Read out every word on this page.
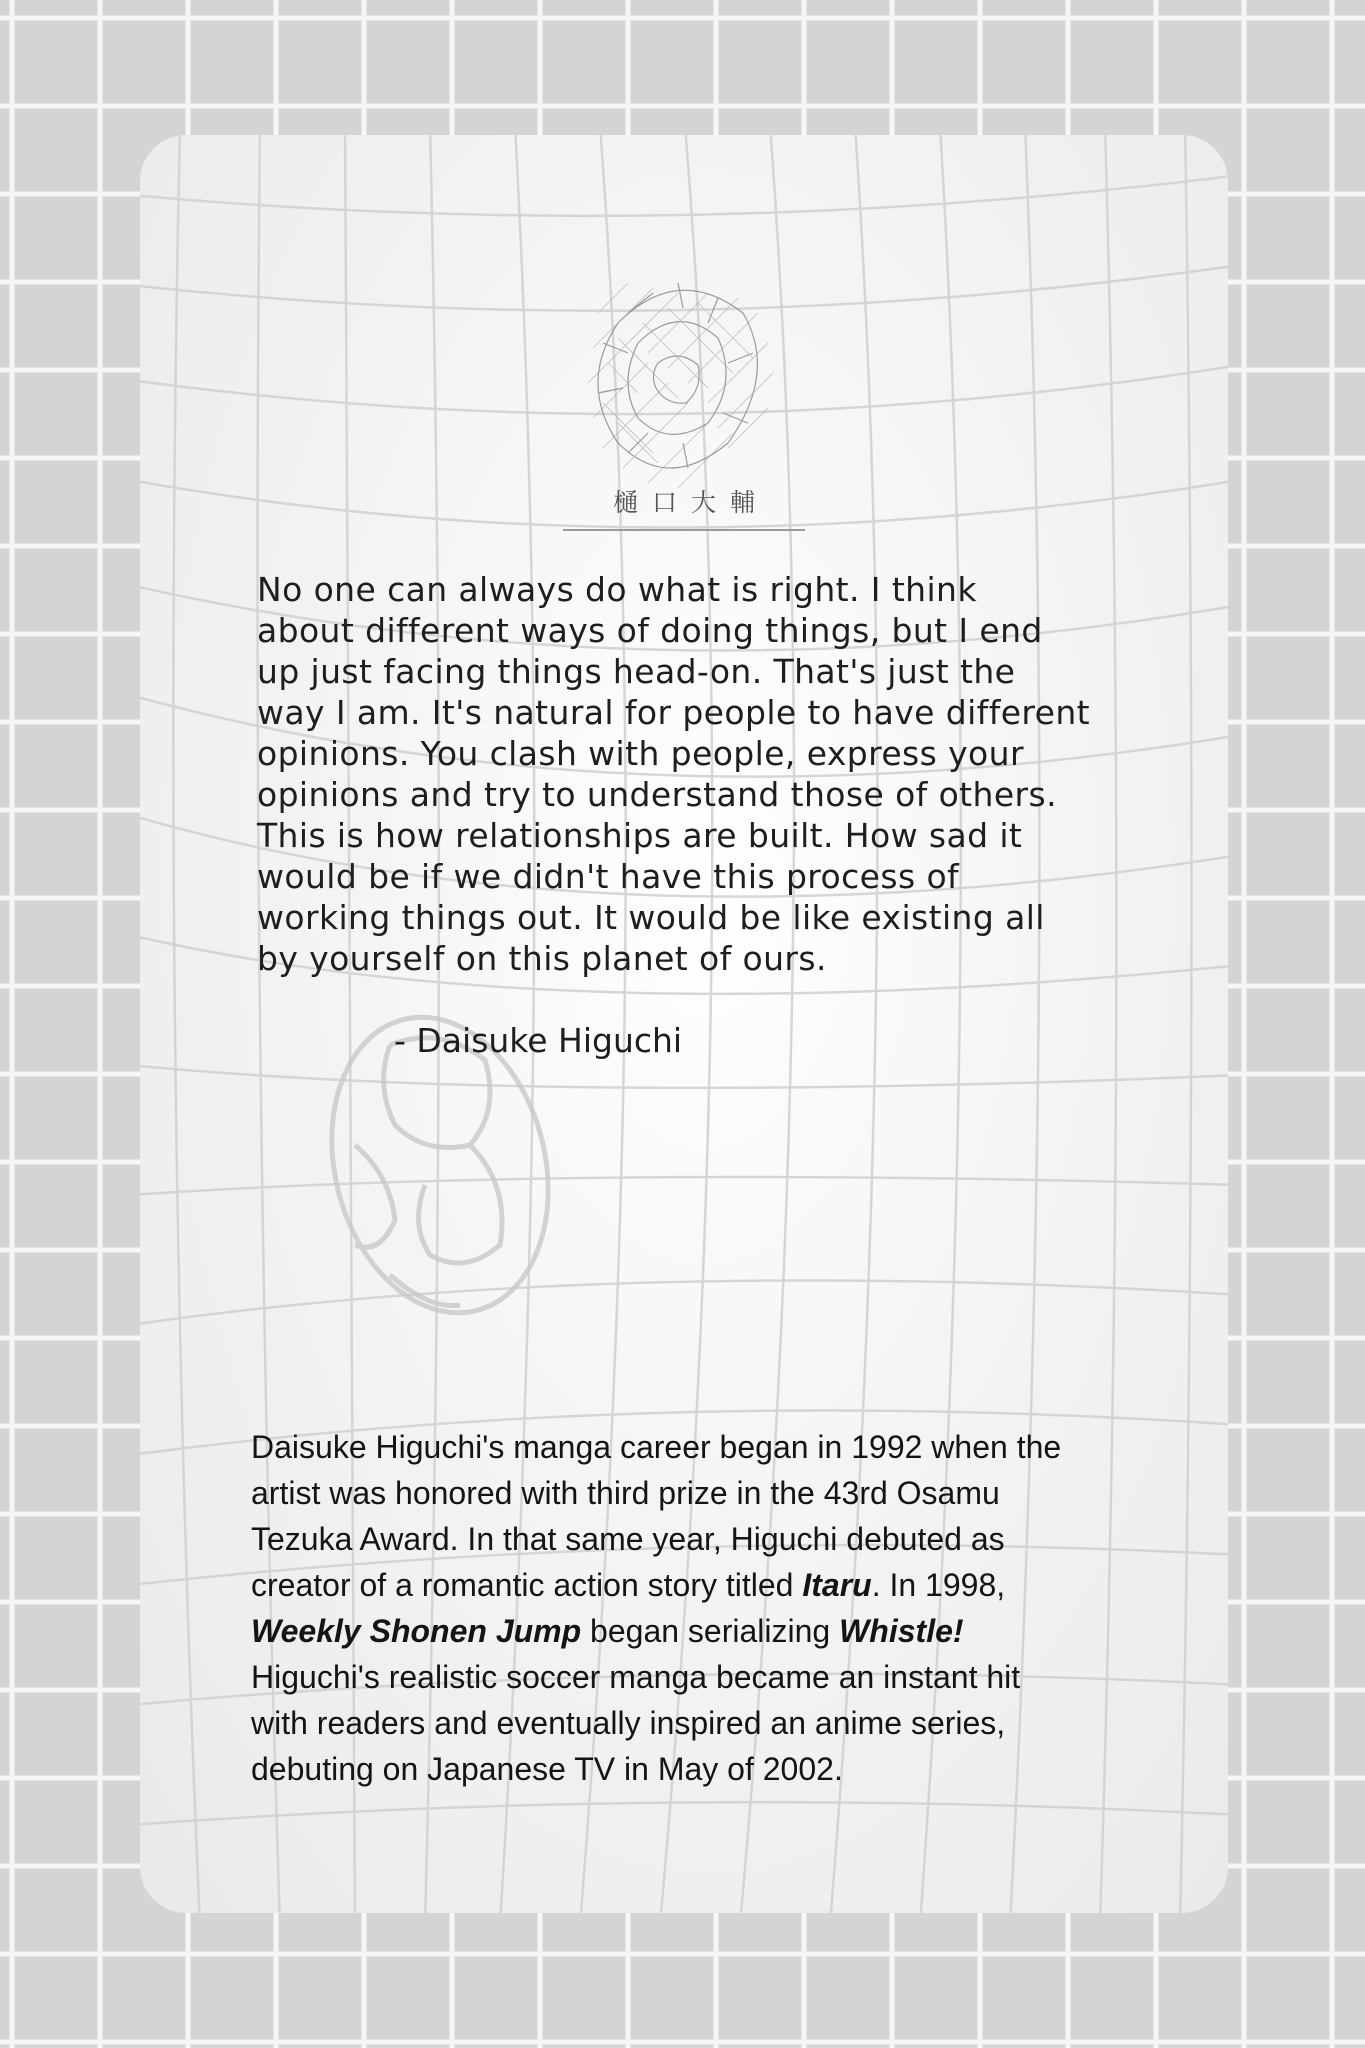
樋口大輔
No one can always do what is right. I think
about different ways of doing things, but I end
up just facing things head-on. That's just the
way I am. It's natural for people to have different
opinions. You clash with people, express your
opinions and try to understand those of others.
This is how relationships are built. How sad it
would be if we didn't have this process of
working things out. It would be like existing all
by yourself on this planet of ours.
- Daisuke Higuchi
Daisuke Higuchi's manga career began in 1992 when the
artist was honored with third prize in the 43rd Osamu
Tezuka Award. In that same year, Higuchi debuted as
creator of a romantic action story titled Itaru. In 1998,
Weekly Shonen Jump began serializing Whistle!
Higuchi's realistic soccer manga became an instant hit
with readers and eventually inspired an anime series,
debuting on Japanese TV in May of 2002.
